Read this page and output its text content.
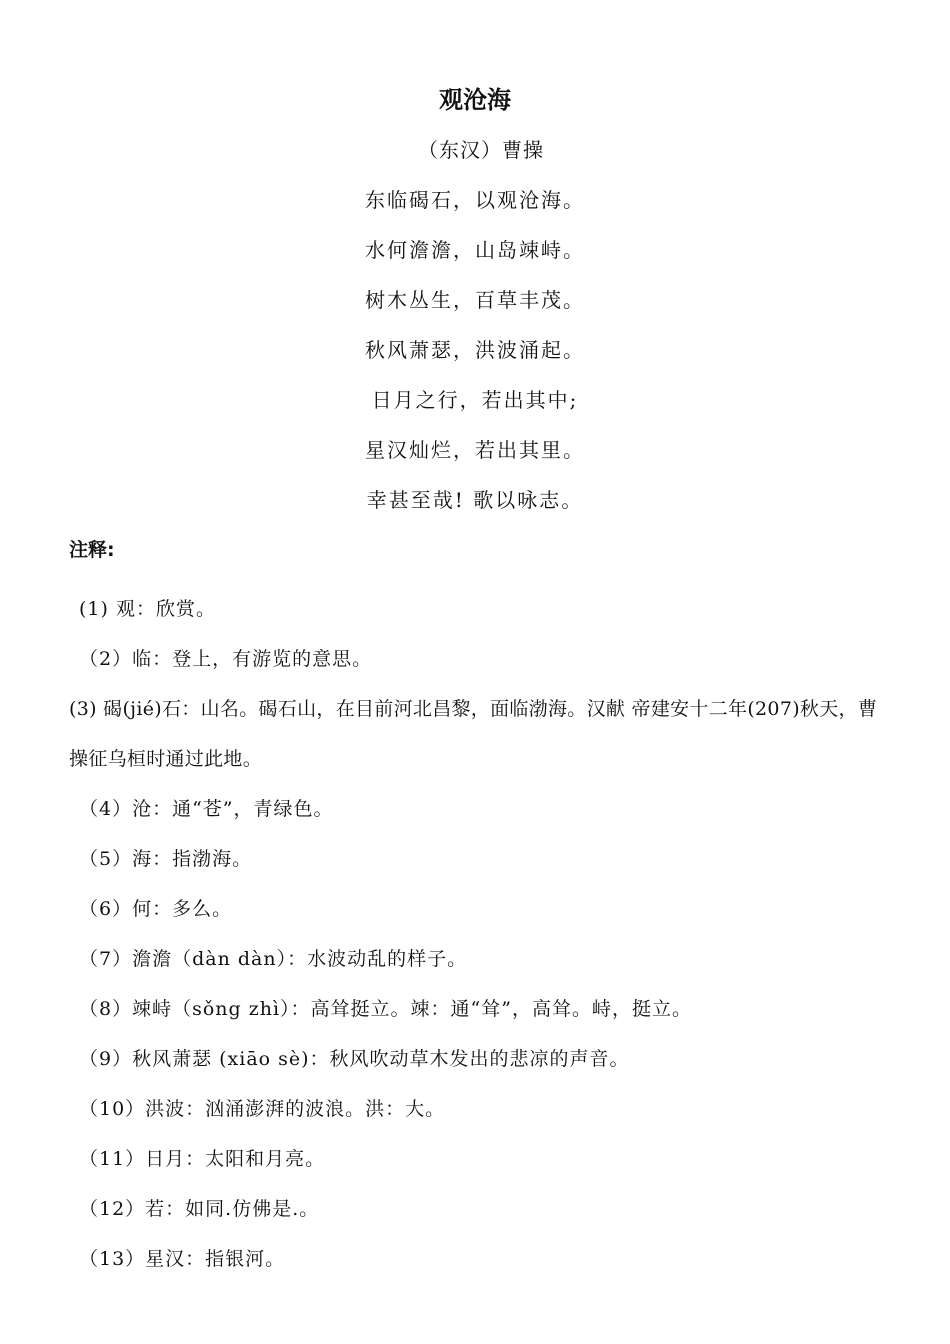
观沧海
（东汉）曹操
东临碣石，以观沧海。
水何澹澹，山岛竦峙。
树木丛生，百草丰茂。
秋风萧瑟，洪波涌起。
日月之行，若出其中;
星汉灿烂，若出其里。
幸甚至哉! 歌以咏志。
注释:
(1) 观：欣赏。
（2）临：登上，有游览的意思。
(3) 碣(jié)石：山名。碣石山，在目前河北昌黎，面临渤海。汉献 帝建安十二年(207)秋天，曹操征乌桓时通过此地。
（4）沧：通“苍”，青绿色。
（5）海：指渤海。
（6）何：多么。
（7）澹澹（dàn dàn）：水波动乱的样子。
（8）竦峙（sǒng zhì）：高耸挺立。竦：通“耸”，高耸。峙，挺立。
（9）秋风萧瑟 (xiāo sè)：秋风吹动草木发出的悲凉的声音。
（10）洪波：汹涌澎湃的波浪。洪：大。
（11）日月：太阳和月亮。
（12）若：如同.仿佛是.。
（13）星汉：指银河。
